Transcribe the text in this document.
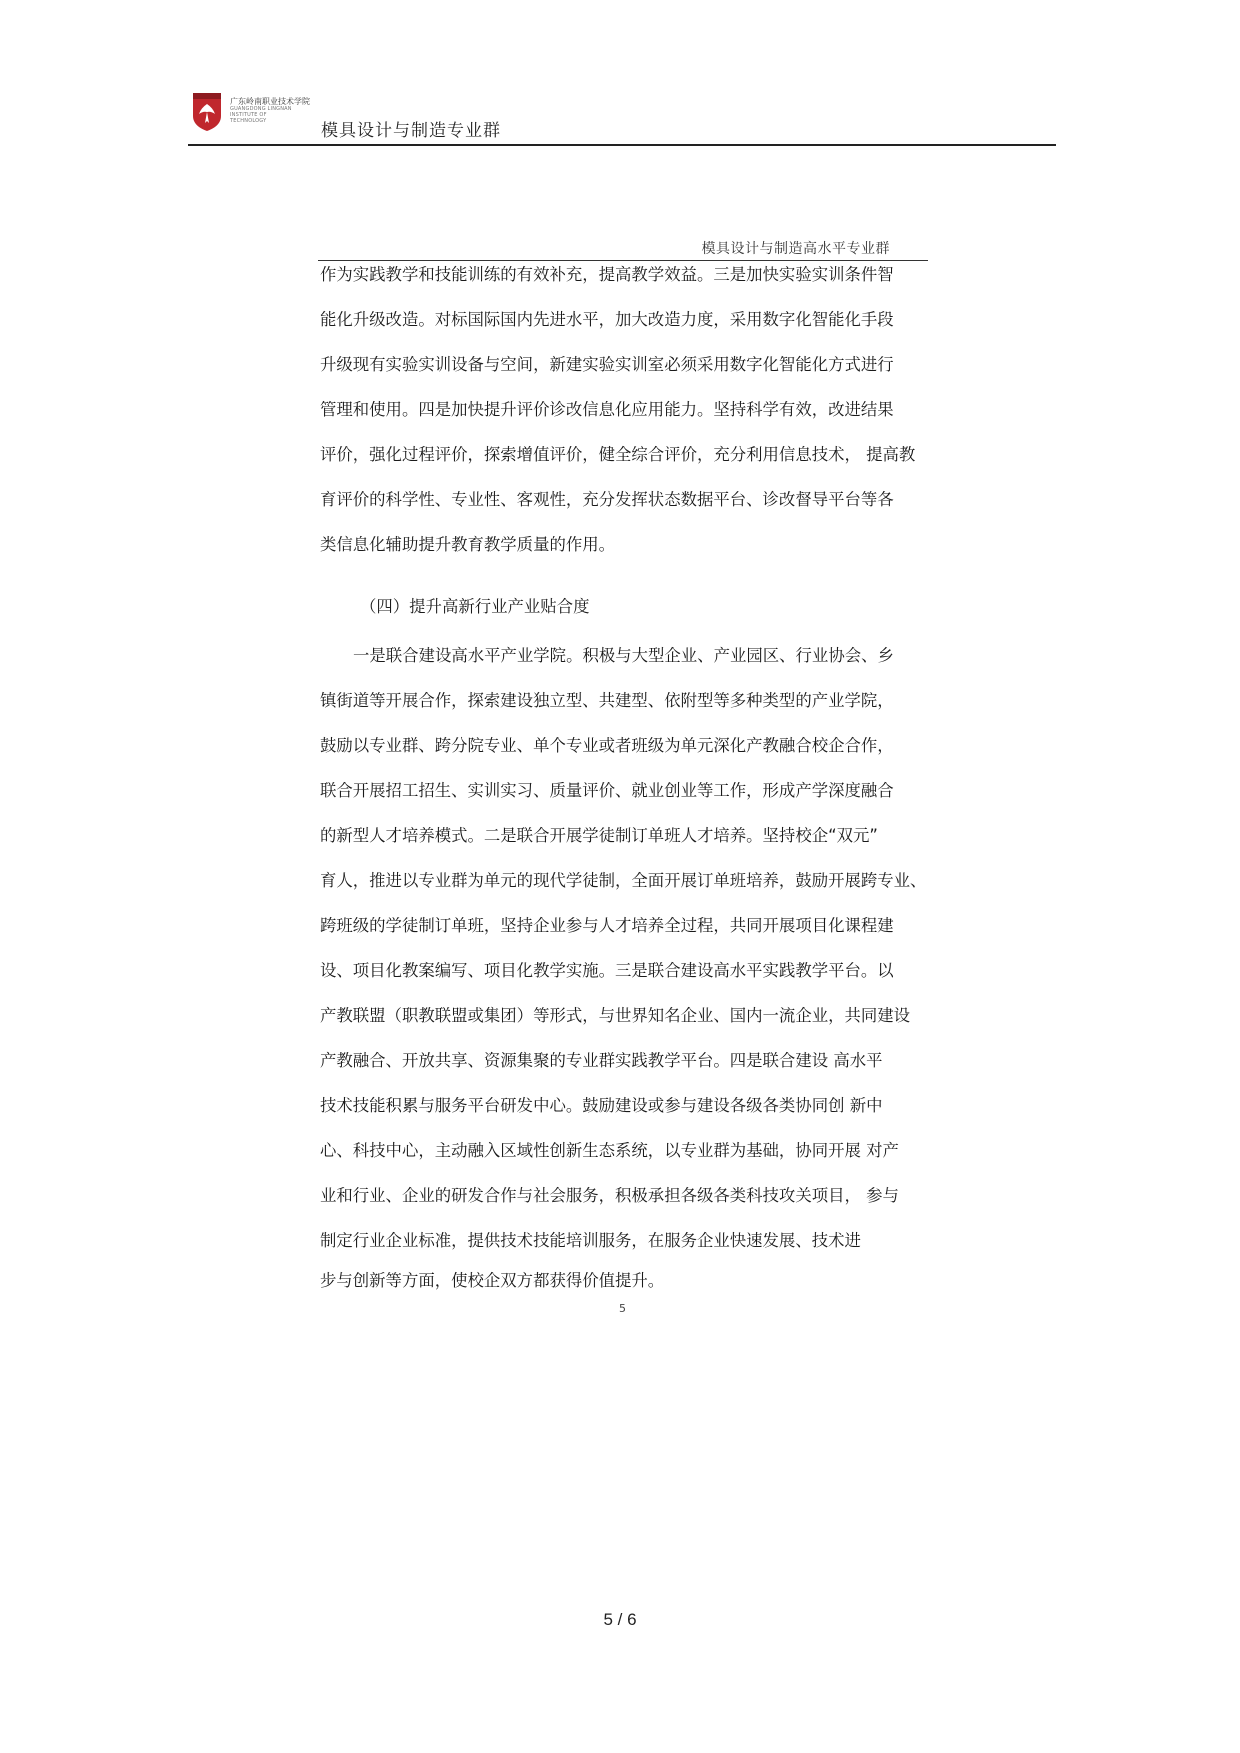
广东岭南职业技术学院
GUANGDONG LINGNAN INSTITUTE OF TECHNOLOGY	模具设计与制造专业群
模具设计与制造高水平专业群
作为实践教学和技能训练的有效补充，提高教学效益。三是加快实验实训条件智
能化升级改造。对标国际国内先进水平，加大改造力度，采用数字化智能化手段
升级现有实验实训设备与空间，新建实验实训室必须采用数字化智能化方式进行
管理和使用。四是加快提升评价诊改信息化应用能力。坚持科学有效，改进结果
评价，强化过程评价，探索增值评价，健全综合评价，充分利用信息技术， 提高教
育评价的科学性、专业性、客观性，充分发挥状态数据平台、诊改督导平台等各
类信息化辅助提升教育教学质量的作用。
（四）提升高新行业产业贴合度
一是联合建设高水平产业学院。积极与大型企业、产业园区、行业协会、乡
镇街道等开展合作，探索建设独立型、共建型、依附型等多种类型的产业学院，
鼓励以专业群、跨分院专业、单个专业或者班级为单元深化产教融合校企合作，
联合开展招工招生、实训实习、质量评价、就业创业等工作，形成产学深度融合
的新型人才培养模式。二是联合开展学徒制订单班人才培养。坚持校企“双元”
育人，推进以专业群为单元的现代学徒制，全面开展订单班培养，鼓励开展跨专业、
跨班级的学徒制订单班，坚持企业参与人才培养全过程，共同开展项目化课程建
设、项目化教案编写、项目化教学实施。三是联合建设高水平实践教学平台。以
产教联盟（职教联盟或集团）等形式，与世界知名企业、国内一流企业，共同建设
产教融合、开放共享、资源集聚的专业群实践教学平台。四是联合建设 高水平
技术技能积累与服务平台研发中心。鼓励建设或参与建设各级各类协同创 新中
心、科技中心，主动融入区域性创新生态系统，以专业群为基础，协同开展 对产
业和行业、企业的研发合作与社会服务，积极承担各级各类科技攻关项目， 参与
制定行业企业标准，提供技术技能培训服务，在服务企业快速发展、技术进
步与创新等方面，使校企双方都获得价值提升。
5
5 / 6
